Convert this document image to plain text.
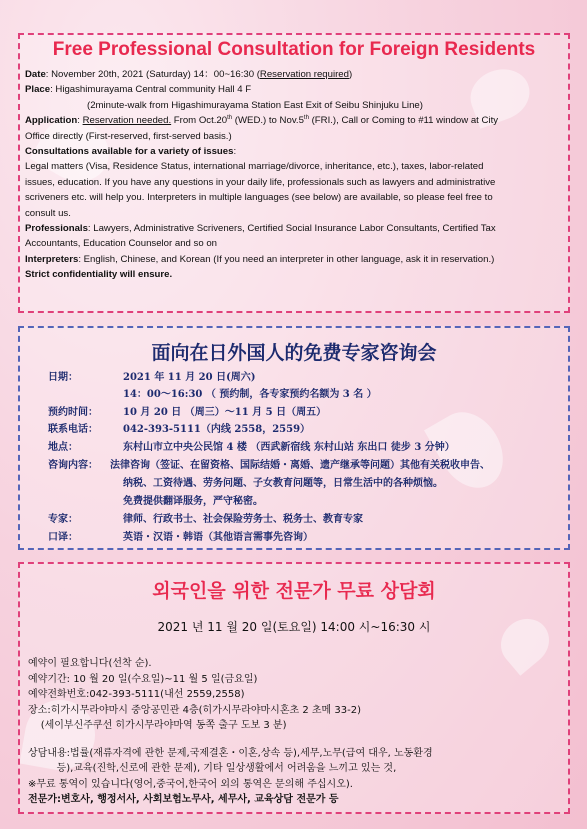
Free Professional Consultation for Foreign Residents
Date: November 20th, 2021 (Saturday) 14：00~16:30 (Reservation required)
Place: Higashimurayama Central community Hall 4 F
(2minute-walk from Higashimurayama Station East Exit of Seibu Shinjuku Line)
Application: Reservation needed. From Oct.20th (WED.) to Nov.5th (FRI.), Call or Coming to #11 window at City
Office directly (First-reserved, first-served basis.)
Consultations available for a variety of issues:
Legal matters (Visa, Residence Status, international marriage/divorce, inheritance, etc.), taxes, labor-related
issues, education. If you have any questions in your daily life, professionals such as lawyers and administrative
scriveners etc. will help you. Interpreters in multiple languages (see below) are available, so please feel free to
consult us.
Professionals: Lawyers, Administrative Scriveners, Certified Social Insurance Labor Consultants, Certified Tax
Accountants, Education Counselor and so on
Interpreters: English, Chinese, and Korean (If you need an interpreter in other language, ask it in reservation.)
Strict confidentiality will ensure.
面向在日外国人的免费专家咨询会
日期：	2021 年 11 月 20 日(周六)
14：00～16:30 （ 预约制，各专家预约名额为 3 名 ）
预约时间：	10 月 20 日 （周三）～11 月 5 日（周五）
联系电话：	042-393-5111（内线 2558，2559）
地点：	东村山市立中央公民馆 4 楼 （西武新宿线 东村山站 东出口 徒步 3 分钟）
咨询内容：	法律咨询（签证、在留资格、国际结婚・离婚、遗产继承等问题）其他有关税收申告、
纳税、工资待遇、劳务问题、子女教育问题等，日常生活中的各种烦恼。
免费提供翻译服务，严守秘密。
专家：	律师、行政书士、社会保险劳务士、税务士、教育专家
口译：	英语・汉语・韩语（其他语言需事先咨询）
외국인을 위한 전문가 무료 상담회
2021 년 11 월 20 일(토요일) 14:00 시~16:30 시
예약이 필요합니다(선착 순).
예약기간: 10 월 20 일(수요일)~11 월 5 일(금요일)
예약전화번호:042-393-5111(내선 2559,2558)
장소:히가시무라야마시 중앙공민관 4층(히가시무라야마시혼초 2 초메 33-2)
(세이부신주쿠선 히가시무라야마역 동쪽 출구 도보 3 분)
상담내용:법률(재류자격에 관한 문제,국제결혼・이혼,상속 등),세무,노무(급여 대우, 노동환경
등),교육(진학,신로에 관한 문제), 기타 일상생활에서 어려움을 느끼고 있는 것,
※무료 통역이 있습니다(영어,중국어,한국어 외의 통역은 문의해 주십시오).
전문가:변호사, 행정서사, 사회보험노무사, 세무사, 교육상담 전문가 등
